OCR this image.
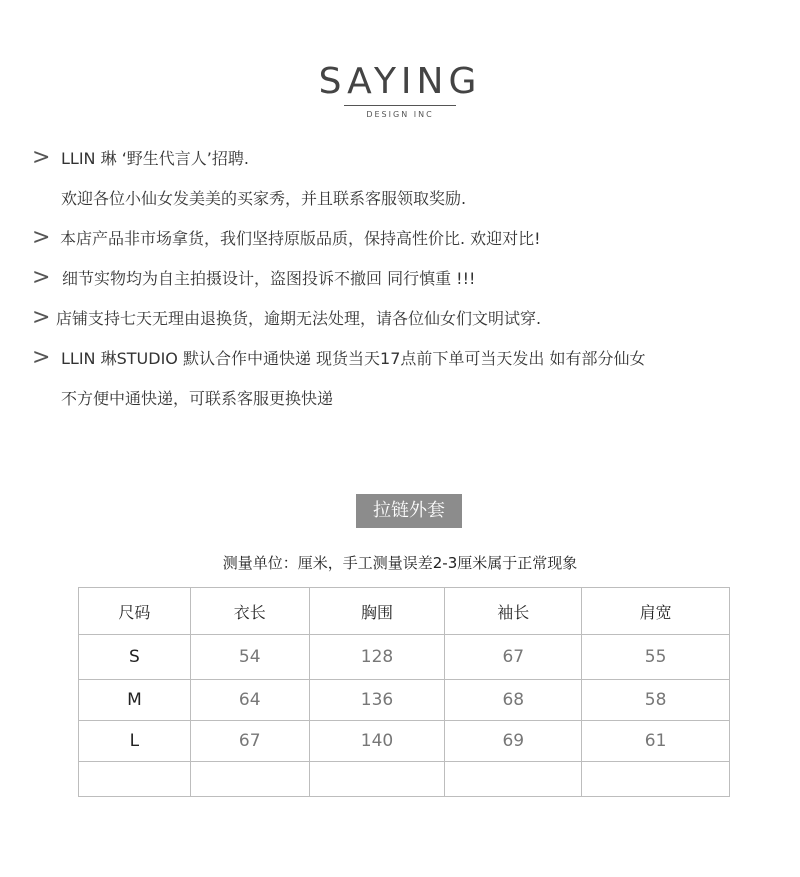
SAYING
DESIGN INC
> LLIN 琳 ‘野生代言人’招聘.
欢迎各位小仙女发美美的买家秀，并且联系客服领取奖励.
> 本店产品非市场拿货，我们坚持原版品质，保持高性价比. 欢迎对比!
> 细节实物均为自主拍摄设计，盗图投诉不撤回 同行慎重 !!!
> 店铺支持七天无理由退换货，逾期无法处理，请各位仙女们文明试穿.
> LLIN 琳STUDIO 默认合作中通快递 现货当天17点前下单可当天发出 如有部分仙女
不方便中通快递，可联系客服更换快递
拉链外套
测量单位：厘米，手工测量误差2-3厘米属于正常现象
尺码	衣长	胸围	袖长	肩宽
S	54	128	67	55
M	64	136	68	58
L	67	140	69	61
